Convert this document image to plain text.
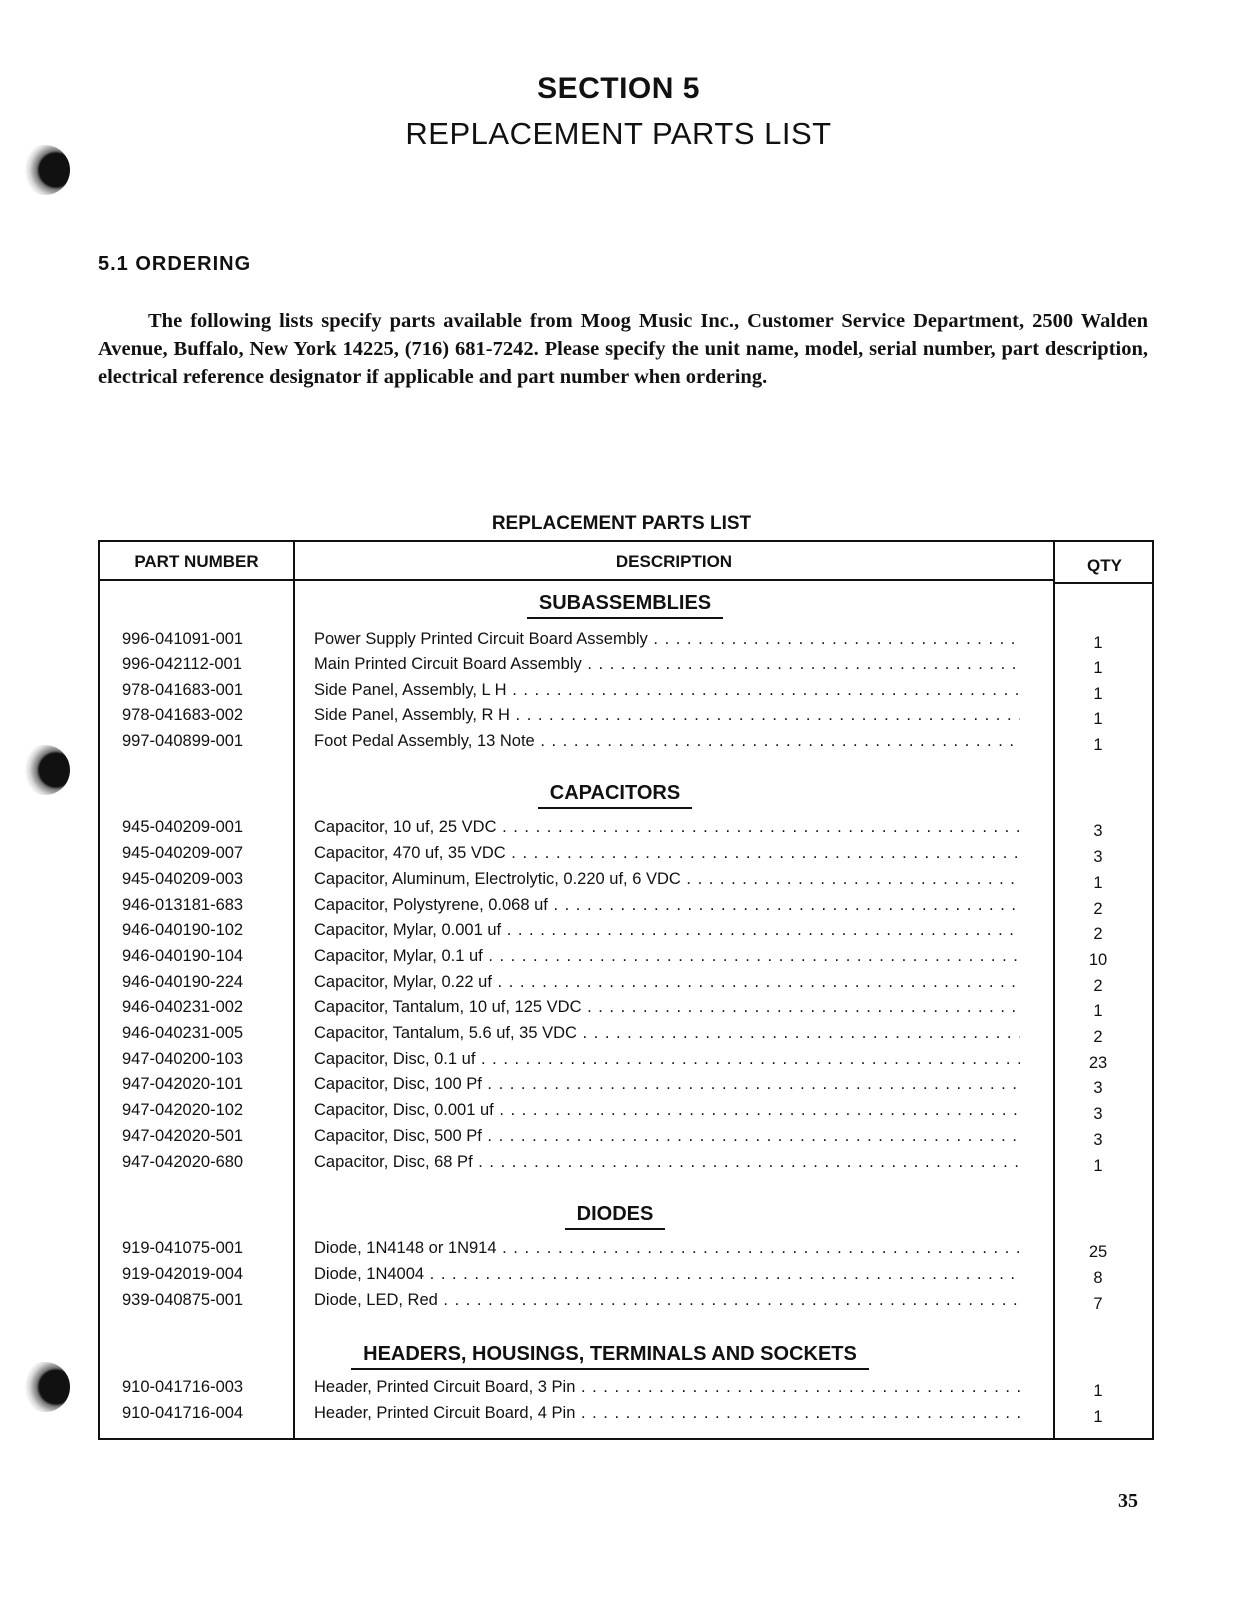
SECTION 5
REPLACEMENT PARTS LIST
5.1 ORDERING
The following lists specify parts available from Moog Music Inc., Customer Service Department, 2500 Walden Avenue, Buffalo, New York 14225, (716) 681-7242. Please specify the unit name, model, serial number, part description, electrical reference designator if applicable and part number when ordering.
REPLACEMENT PARTS LIST
PART NUMBER	DESCRIPTION	QTY
SUBASSEMBLIES
996-041091-001	Power Supply Printed Circuit Board Assembly . . .	1
996-042112-001	Main Printed Circuit Board Assembly . . .	1
978-041683-001	Side Panel, Assembly, L H . . .	1
978-041683-002	Side Panel, Assembly, R H . . .	1
997-040899-001	Foot Pedal Assembly, 13 Note . . .	1
CAPACITORS
945-040209-001	Capacitor, 10 uf, 25 VDC . . .	3
945-040209-007	Capacitor, 470 uf, 35 VDC . . .	3
945-040209-003	Capacitor, Aluminum, Electrolytic, 0.220 uf, 6 VDC . . .	1
946-013181-683	Capacitor, Polystyrene, 0.068 uf . . .	2
946-040190-102	Capacitor, Mylar, 0.001 uf . . .	2
946-040190-104	Capacitor, Mylar, 0.1 uf . . .	10
946-040190-224	Capacitor, Mylar, 0.22 uf . . .	2
946-040231-002	Capacitor, Tantalum, 10 uf, 125 VDC . . .	1
946-040231-005	Capacitor, Tantalum, 5.6 uf, 35 VDC . . .	2
947-040200-103	Capacitor, Disc, 0.1 uf . . .	23
947-042020-101	Capacitor, Disc, 100 Pf . . .	3
947-042020-102	Capacitor, Disc, 0.001 uf . . .	3
947-042020-501	Capacitor, Disc, 500 Pf . . .	3
947-042020-680	Capacitor, Disc, 68 Pf . . .	1
DIODES
919-041075-001	Diode, 1N4148 or 1N914 . . .	25
919-042019-004	Diode, 1N4004 . . .	8
939-040875-001	Diode, LED, Red . . .	7
HEADERS, HOUSINGS, TERMINALS AND SOCKETS
910-041716-003	Header, Printed Circuit Board, 3 Pin . . .	1
910-041716-004	Header, Printed Circuit Board, 4 Pin . . .	1
35
